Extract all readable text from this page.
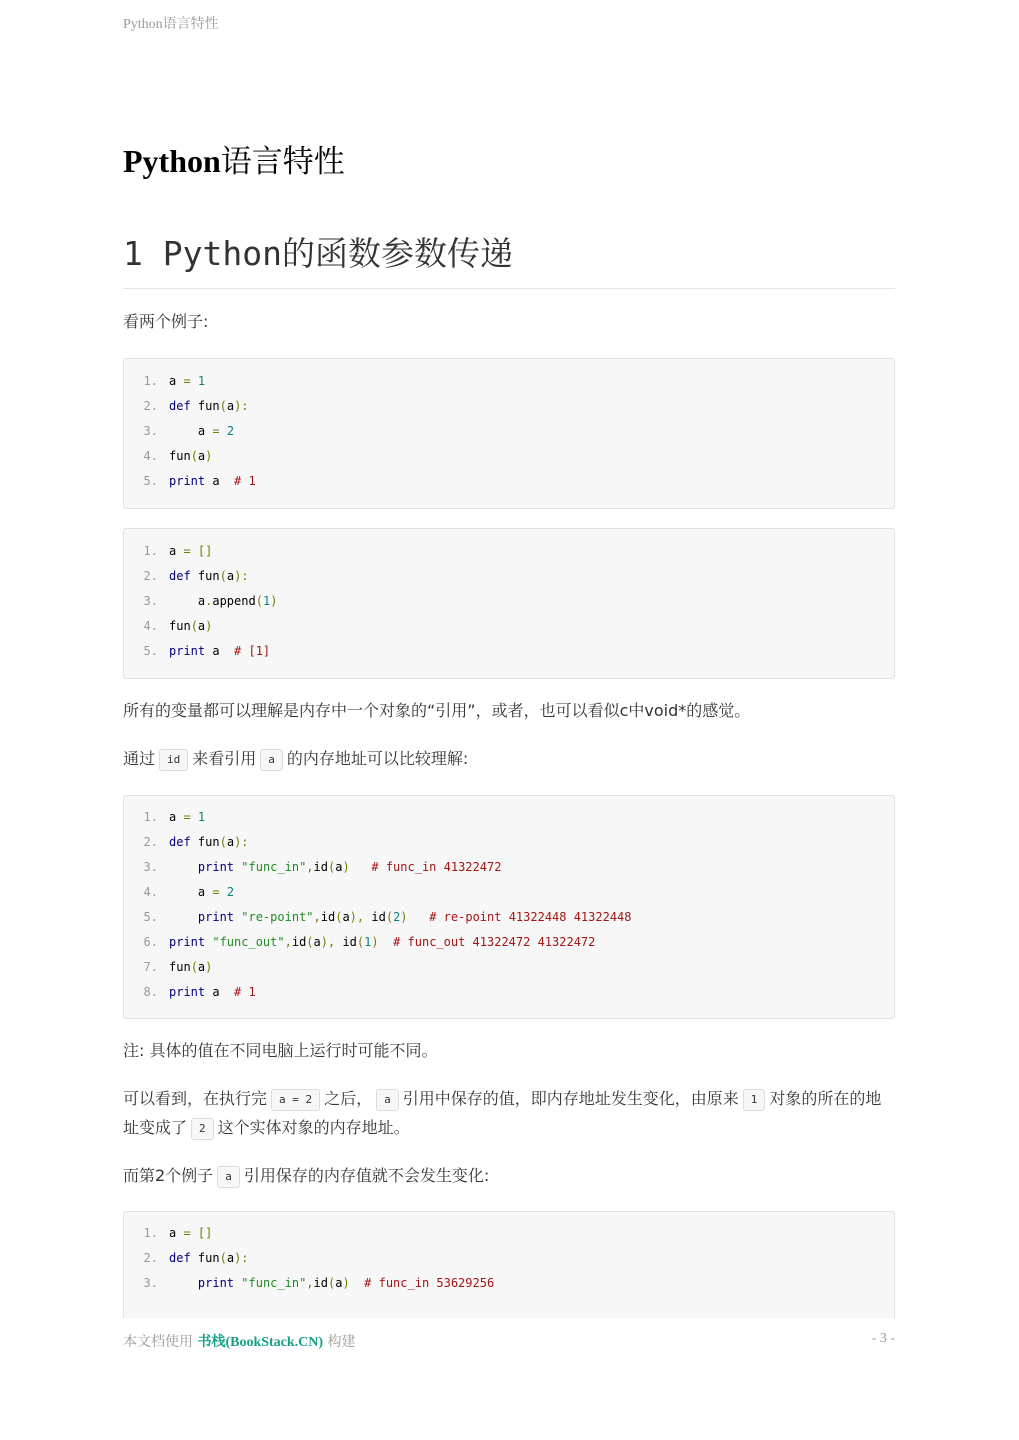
Python语言特性
Python语言特性
1 Python的函数参数传递

看两个例子:

1. a = 1
2. def fun(a):
3. a = 2
4. fun(a)
5. print a  # 1
1. a = []
2. def fun(a):
3. a.append(1)
4. fun(a)
5. print a  # [1]

所有的变量都可以理解是内存中一个对象的“引用”，或者，也可以看似c中void*的感觉。

通过 id 来看引用 a 的内存地址可以比较理解:

1. a = 1
2. def fun(a):
3.	print "func_in",id(a) # func_in 41322472
4. a = 2
5.	print "re-point",id(a), id(2) # re-point 41322448 41322448
6. print "func_out",id(a), id(1) # func_out 41322472 41322472
7. fun(a)
8. print a  # 1

注: 具体的值在不同电脑上运行时可能不同。

可以看到，在执行完 a = 2 之后， a 引用中保存的值，即内存地址发生变化，由原来 1 对象的所在的地址变成了 2 这个实体对象的内存地址。

而第2个例子 a 引用保存的内存值就不会发生变化:

1. a = []
2. def fun(a):
3.	print "func_in",id(a) # func_in 53629256
本文档使用 书栈(BookStack.CN) 构建	- 3 -
